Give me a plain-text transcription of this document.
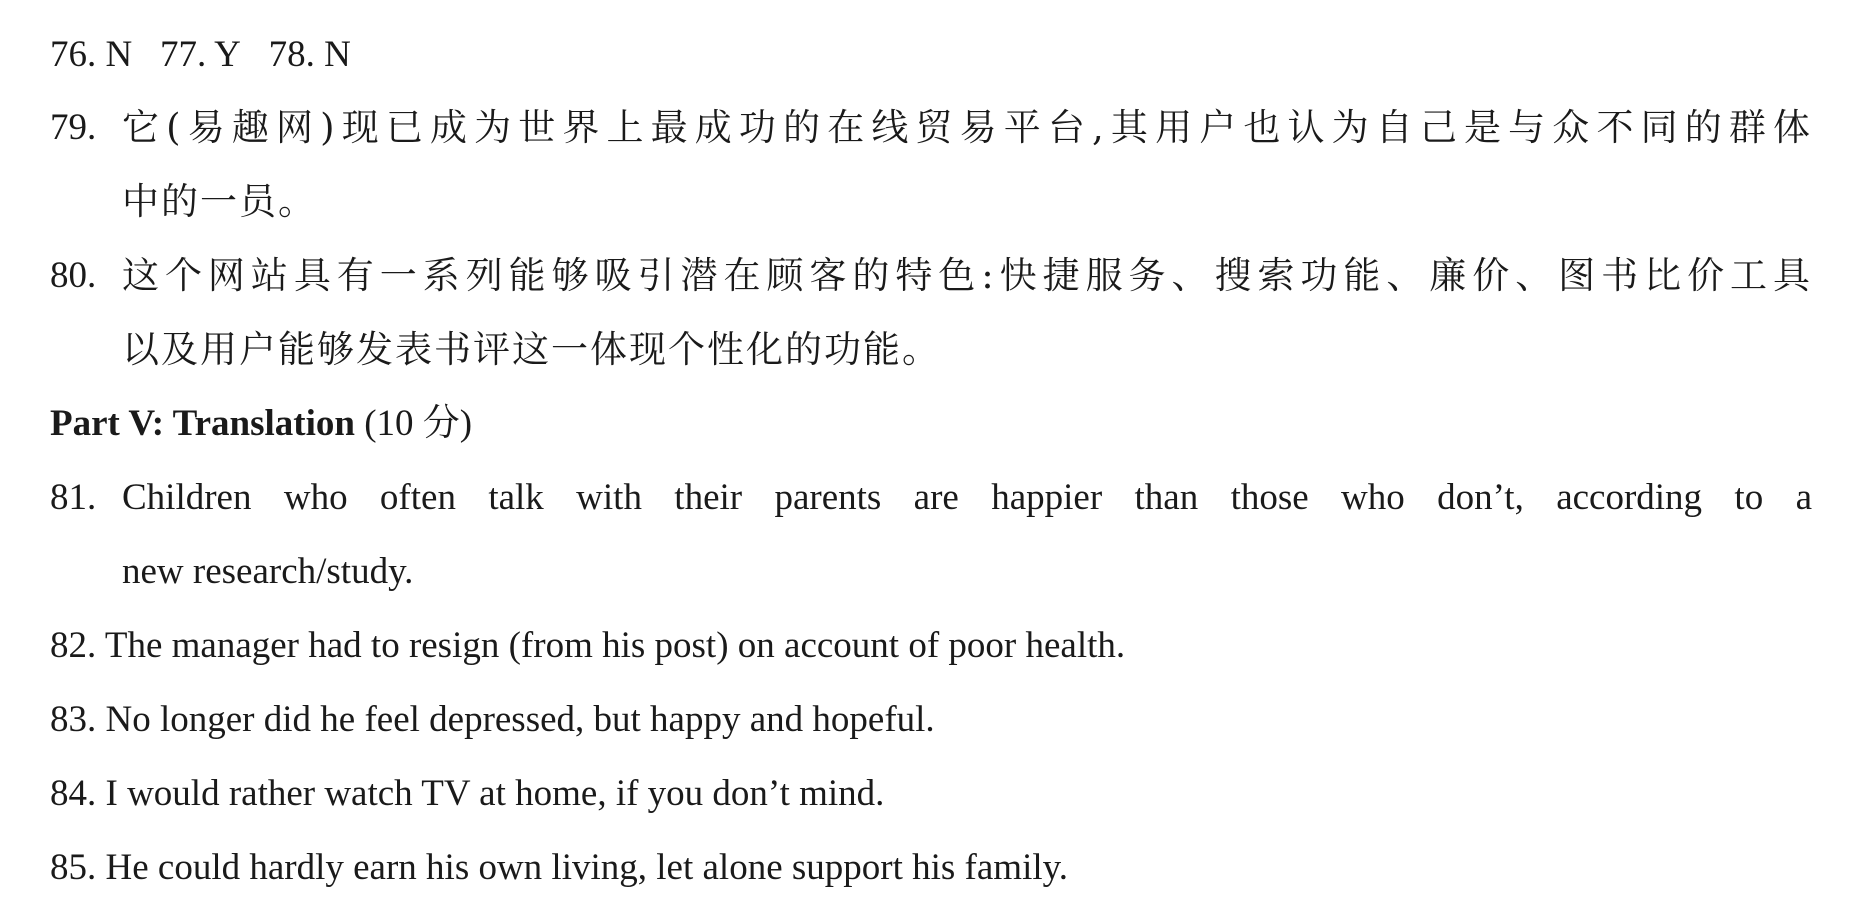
76. N 77. Y 78. N
79. 它(易趣网)现已成为世界上最成功的在线贸易平台,其用户也认为自己是与众不同的群体
中的一员。
80. 这个网站具有一系列能够吸引潜在顾客的特色:快捷服务、搜索功能、廉价、图书比价工具
以及用户能够发表书评这一体现个性化的功能。
Part V: Translation (10 分)
81. Children who often talk with their parents are happier than those who don’t, according to a
new research/study.
82. The manager had to resign (from his post) on account of poor health.
83. No longer did he feel depressed, but happy and hopeful.
84. I would rather watch TV at home, if you don’t mind.
85. He could hardly earn his own living, let alone support his family.
